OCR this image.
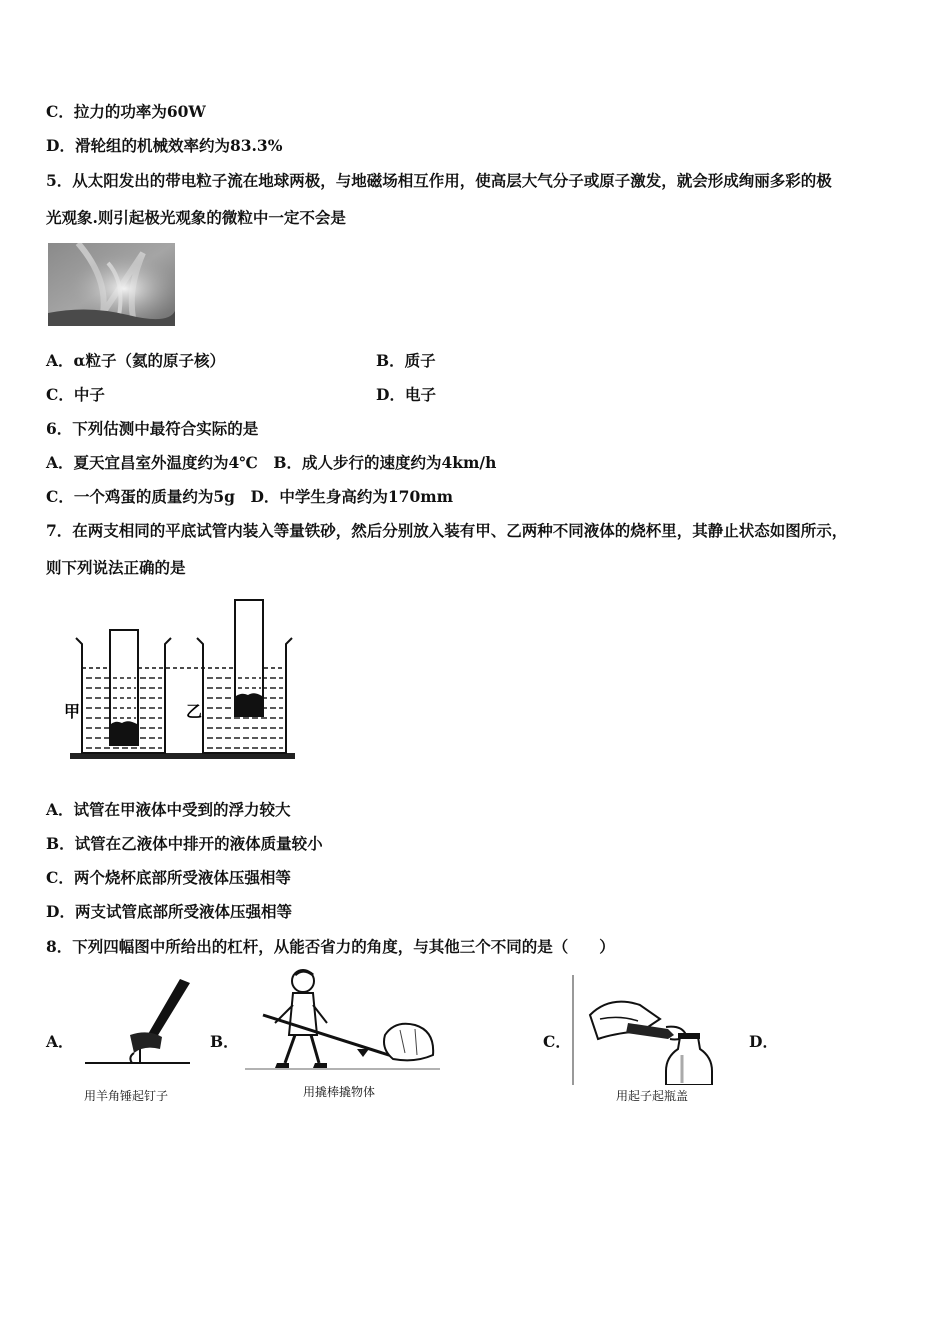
C．拉力的功率为60W
D．滑轮组的机械效率约为83.3%
5．从太阳发出的带电粒子流在地球两极，与地磁场相互作用，使高层大气分子或原子激发，就会形成绚丽多彩的极
光观象.则引起极光观象的微粒中一定不会是
A．α粒子（氦的原子核）	B．质子
C．中子	D．电子
6．下列估测中最符合实际的是
A．夏天宜昌室外温度约为4℃　B．成人步行的速度约为4km/h
C．一个鸡蛋的质量约为5g　D．中学生身高约为170mm
7．在两支相同的平底试管内装入等量铁砂，然后分别放入装有甲、乙两种不同液体的烧杯里，其静止状态如图所示，
则下列说法正确的是
甲	乙
A．试管在甲液体中受到的浮力较大
B．试管在乙液体中排开的液体质量较小
C．两个烧杯底部所受液体压强相等
D．两支试管底部所受液体压强相等
8．下列四幅图中所给出的杠杆，从能否省力的角度，与其他三个不同的是（　　）
A．	B．	C．	D．
用羊角锤起钉子	用撬棒撬物体	用起子起瓶盖
